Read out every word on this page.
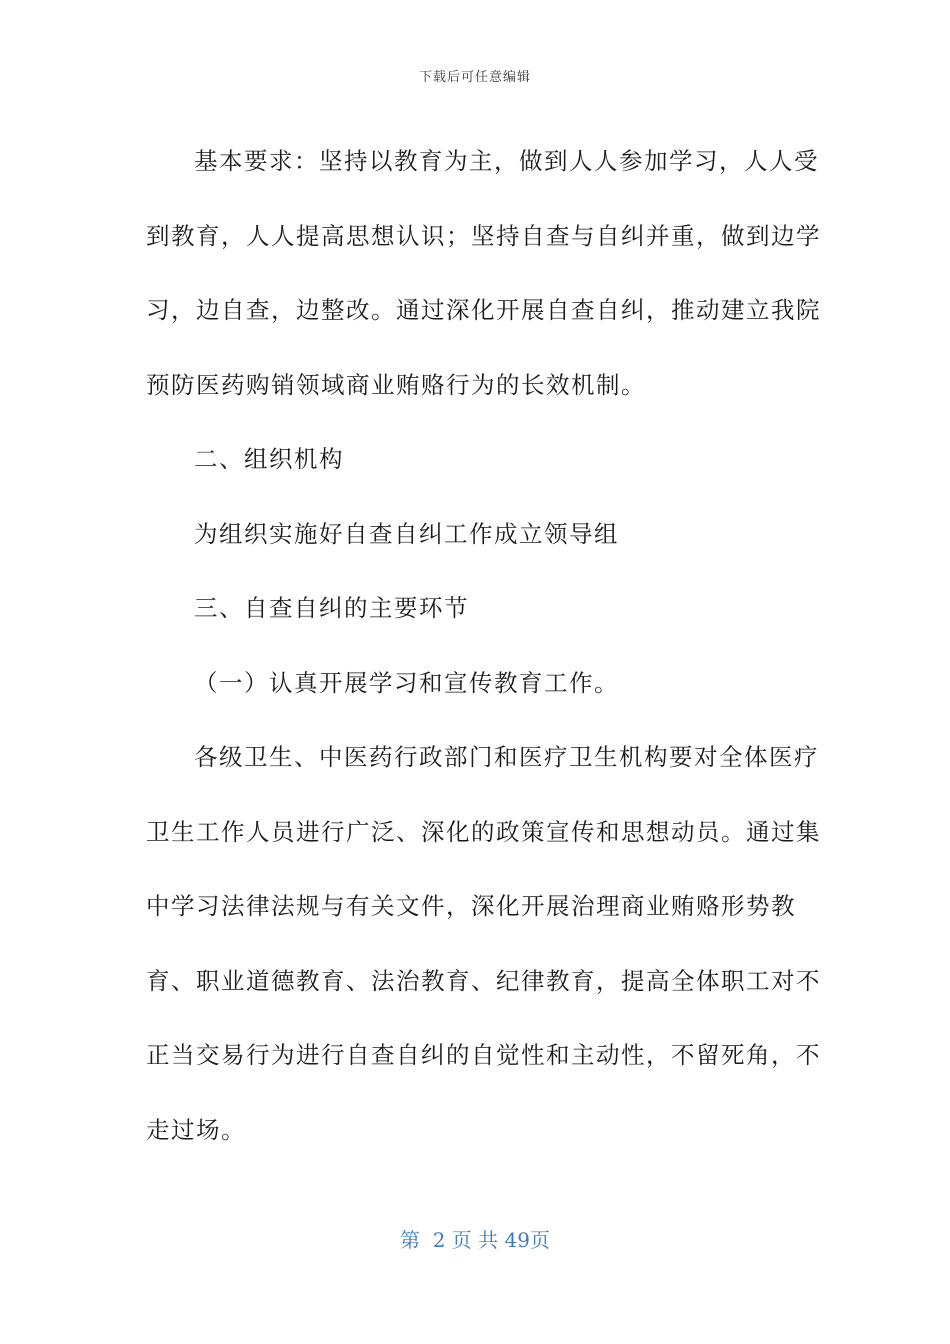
下载后可任意编辑

基本要求：坚持以教育为主，做到人人参加学习，人人受到教育，人人提高思想认识；坚持自查与自纠并重，做到边学习，边自查，边整改。通过深化开展自查自纠，推动建立我院预防医药购销领域商业贿赂行为的长效机制。

二、组织机构

为组织实施好自查自纠工作成立领导组

三、自查自纠的主要环节

（一）认真开展学习和宣传教育工作。

各级卫生、中医药行政部门和医疗卫生机构要对全体医疗卫生工作人员进行广泛、深化的政策宣传和思想动员。通过集中学习法律法规与有关文件，深化开展治理商业贿赂形势教育、职业道德教育、法治教育、纪律教育，提高全体职工对不正当交易行为进行自查自纠的自觉性和主动性，不留死角，不走过场。

第  2 页 共 49页
